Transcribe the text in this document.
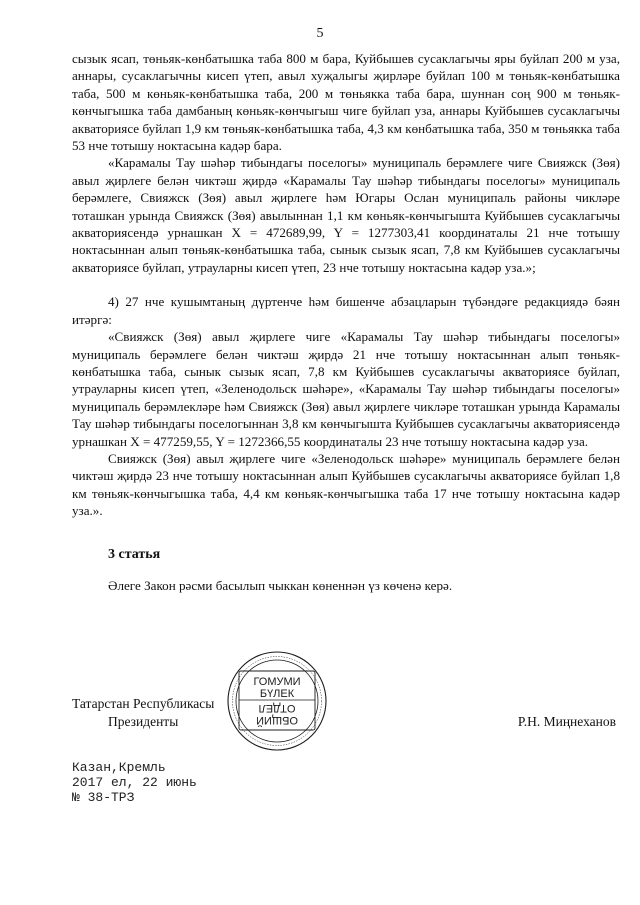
5

сызык ясап, төньяк-көнбатышка таба 800 м бара, Куйбышев сусаклагычы яры буйлап 200 м уза, аннары, сусаклагычны кисеп үтеп, авыл хуҗалыгы җирләре буйлап 100 м төньяк-көнбатышка таба, 500 м көньяк-көнбатышка таба, 200 м төньякка таба бара, шуннан соң 900 м төньяк-көнчыгышка таба дамбаның көньяк-көнчыгыш чиге буйлап уза, аннары Куйбышев сусаклагычы акваториясе буйлап 1,9 км төньяк-көнбатышка таба, 4,3 км көнбатышка таба, 350 м төньякка таба 53 нче тотышу ноктасына кадәр бара.

«Карамалы Тау шәһәр тибындагы поселогы» муниципаль берәмлеге чиге Свияжск (Зөя) авыл җирлеге белән чиктәш җирдә «Карамалы Тау шәһәр тибындагы поселогы» муниципаль берәмлеге, Свияжск (Зөя) авыл җирлеге һәм Югары Ослан муниципаль районы чикләре тоташкан урында Свияжск (Зөя) авылыннан 1,1 км көньяк-көнчыгышта Куйбышев сусаклагычы акваториясендә урнашкан X = 472689,99, Y = 1277303,41 координаталы 21 нче тотышу ноктасыннан алып төньяк-көнбатышка таба, сынык сызык ясап, 7,8 км Куйбышев сусаклагычы акваториясе буйлап, утрауларны кисеп үтеп, 23 нче тотышу ноктасына кадәр уза.»;

4) 27 нче кушымтаның дүртенче һәм бишенче абзацларын түбәндәге редакциядә бәян итәргә:

«Свияжск (Зөя) авыл җирлеге чиге «Карамалы Тау шәһәр тибындагы поселогы» муниципаль берәмлеге белән чиктәш җирдә 21 нче тотышу ноктасыннан алып төньяк-көнбатышка таба, сынык сызык ясап, 7,8 км Куйбышев сусаклагычы акваториясе буйлап, утрауларны кисеп үтеп, «Зеленодольск шәһәре», «Карамалы Тау шәһәр тибындагы поселогы» муниципаль берәмлекләре һәм Свияжск (Зөя) авыл җирлеге чикләре тоташкан урында Карамалы Тау шәһәр тибындагы поселогыннан 3,8 км көнчыгышта Куйбышев сусаклагычы акваториясендә урнашкан X = 477259,55, Y = 1272366,55 координаталы 23 нче тотышу ноктасына кадәр уза.

Свияжск (Зөя) авыл җирлеге чиге «Зеленодольск шәһәре» муниципаль берәмлеге белән чиктәш җирдә 23 нче тотышу ноктасыннан алып Куйбышев сусаклагычы акваториясе буйлап 1,8 км төньяк-көнчыгышка таба, 4,4 км көньяк-көнчыгышка таба 17 нче тотышу ноктасына кадәр уза.».

3 статья

Әлеге Закон рәсми басылып чыккан көненнән үз көченә керә.

Татарстан Республикасы
Президенты	Р.Н. Миңнеханов
ГОМУМИ
БҮЛЕК
ОТДЕЛ
ОБЩИЙ
Казан,Кремль
2017 ел, 22 июнь
№ 38-ТРЗ
